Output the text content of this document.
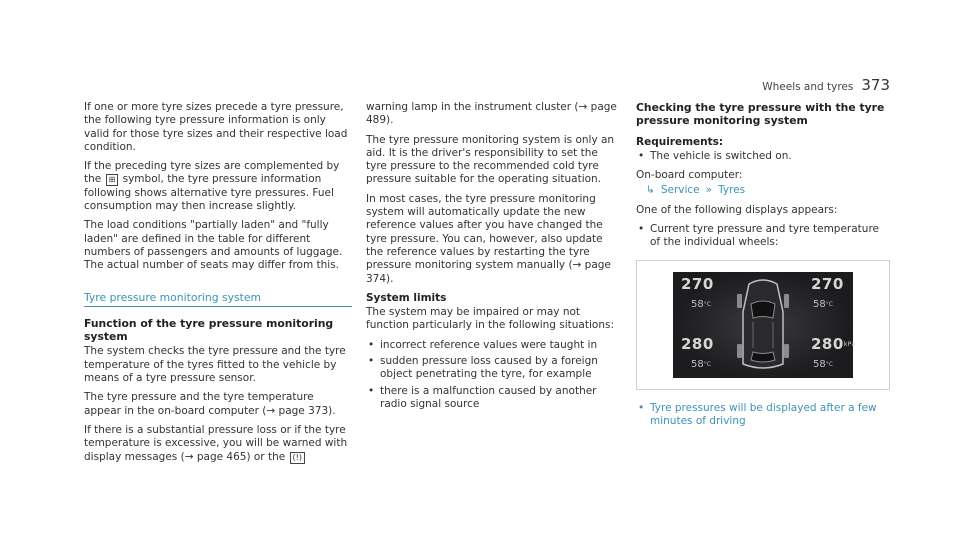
Wheels and tyres 373

If one or more tyre sizes precede a tyre pressure, the following tyre pressure information is only valid for those tyre sizes and their respective load condition.

If the preceding tyre sizes are complemented by the ⊞ symbol, the tyre pressure information following shows alternative tyre pressures. Fuel consumption may then increase slightly.

The load conditions "partially laden" and "fully laden" are defined in the table for different numbers of passengers and amounts of luggage. The actual number of seats may differ from this.

Tyre pressure monitoring system
Function of the tyre pressure monitoring system

The system checks the tyre pressure and the tyre temperature of the tyres fitted to the vehicle by means of a tyre pressure sensor.

The tyre pressure and the tyre temperature appear in the on-board computer (→ page 373).

If there is a substantial pressure loss or if the tyre temperature is excessive, you will be warned with display messages (→ page 465) or the (!)

warning lamp in the instrument cluster (→ page 489).

The tyre pressure monitoring system is only an aid. It is the driver's responsibility to set the tyre pressure to the recommended cold tyre pressure suitable for the operating situation.

In most cases, the tyre pressure monitoring system will automatically update the new reference values after you have changed the tyre pressure. You can, however, also update the reference values by restarting the tyre pressure monitoring system manually (→ page 374).

System limits

The system may be impaired or may not function particularly in the following situations:

• incorrect reference values were taught in
• sudden pressure loss caused by a foreign object penetrating the tyre, for example
• there is a malfunction caused by another radio signal source
Checking the tyre pressure with the tyre pressure monitoring system
Requirements:
• The vehicle is switched on.

On-board computer:

↳ Service » Tyres

One of the following displays appears:

• Current tyre pressure and tyre temperature of the individual wheels:
270
$58^{^\circ C}$
270
$58^{^\circ C}$
280
$58^{^\circ C}$
$280^{kPa}$
$58^{^\circ C}$
• Tyre pressures will be displayed after a few minutes of driving
